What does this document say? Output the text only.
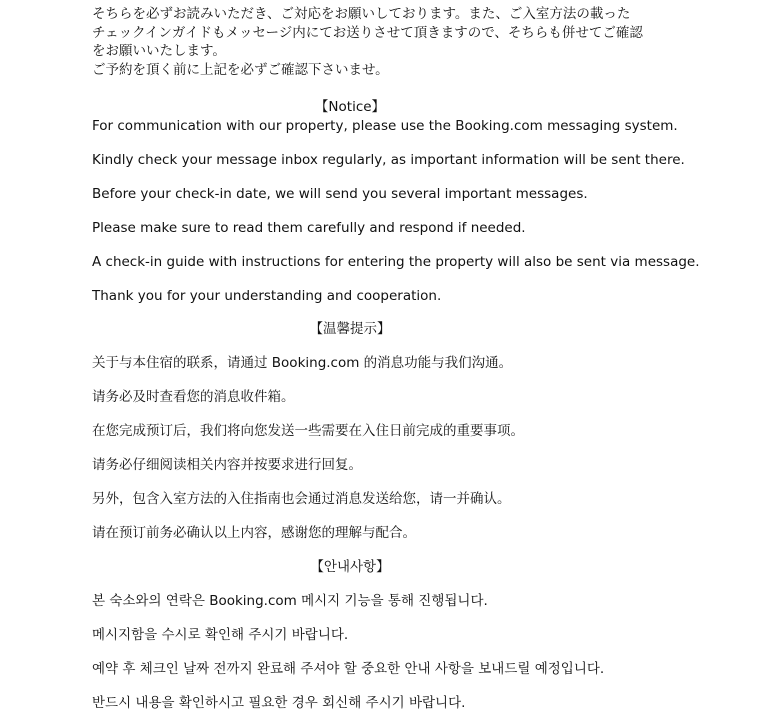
そちらを必ずお読みいただき、ご対応をお願いしております。また、ご入室方法の載った
チェックインガイドもメッセージ内にてお送りさせて頂きますので、そちらも併せてご確認
をお願いいたします。
ご予約を頂く前に上記を必ずご確認下さいませ。
【Notice】
For communication with our property, please use the Booking.com messaging system.
Kindly check your message inbox regularly, as important information will be sent there.
Before your check-in date, we will send you several important messages.
Please make sure to read them carefully and respond if needed.
A check-in guide with instructions for entering the property will also be sent via message.
Thank you for your understanding and cooperation.
【温馨提示】
关于与本住宿的联系，请通过 Booking.com 的消息功能与我们沟通。
请务必及时查看您的消息收件箱。
在您完成预订后，我们将向您发送一些需要在入住日前完成的重要事项。
请务必仔细阅读相关内容并按要求进行回复。
另外，包含入室方法的入住指南也会通过消息发送给您，请一并确认。
请在预订前务必确认以上内容，感谢您的理解与配合。
【안내사항】
본 숙소와의 연락은 Booking.com 메시지 기능을 통해 진행됩니다.
메시지함을 수시로 확인해 주시기 바랍니다.
예약 후 체크인 날짜 전까지 완료해 주셔야 할 중요한 안내 사항을 보내드릴 예정입니다.
반드시 내용을 확인하시고 필요한 경우 회신해 주시기 바랍니다.
